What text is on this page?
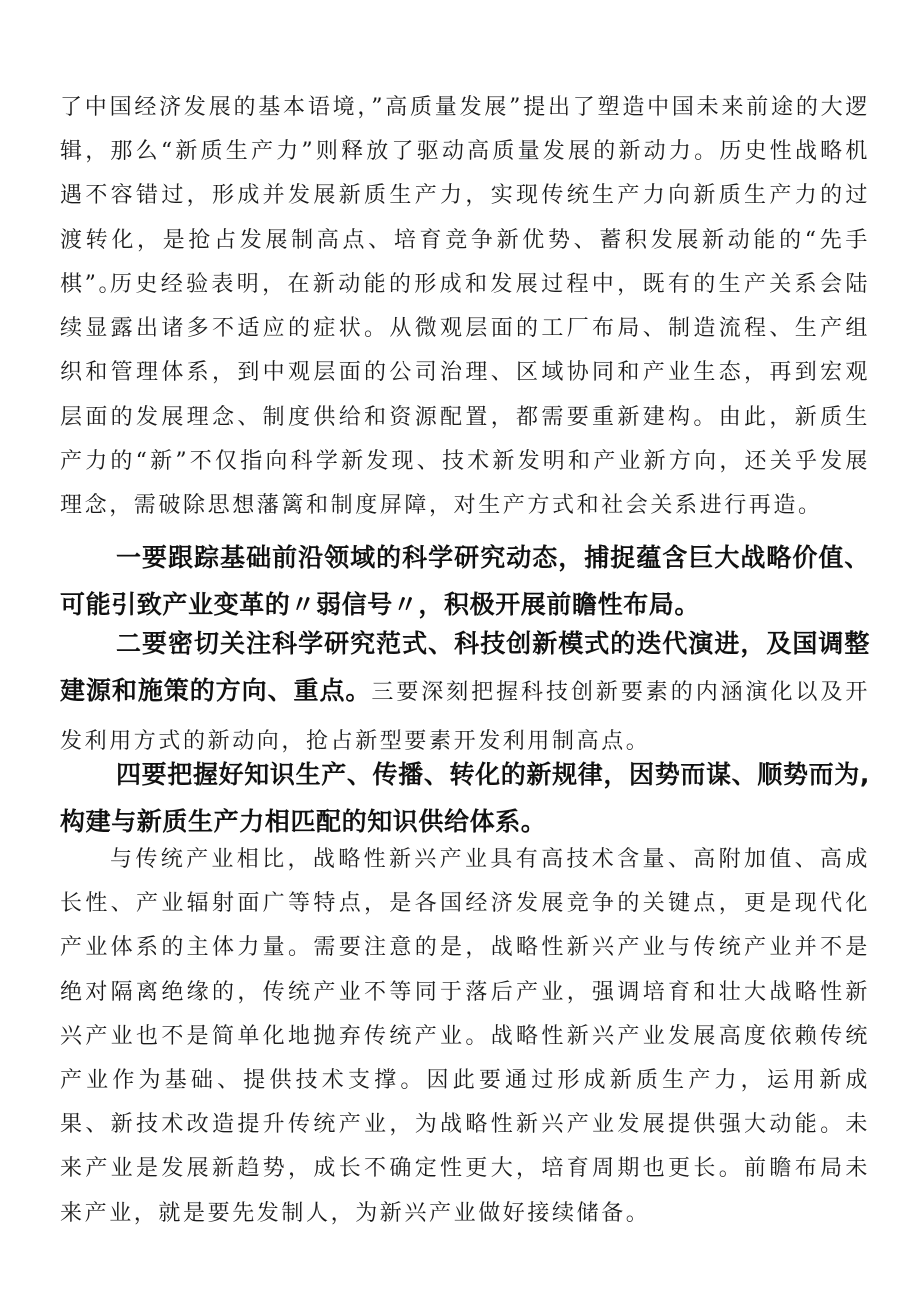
了中国经济发展的基本语境，”高质量发展”提出了塑造中国未来前途的大逻辑，那么“新质生产力”则释放了驱动高质量发展的新动力。历史性战略机遇不容错过，形成并发展新质生产力，实现传统生产力向新质生产力的过渡转化，是抢占发展制高点、培育竞争新优势、蓄积发展新动能的“先手棋”。

历史经验表明，在新动能的形成和发展过程中，既有的生产关系会陆续显露出诸多不适应的症状。从微观层面的工厂布局、制造流程、生产组织和管理体系，到中观层面的公司治理、区域协同和产业生态，再到宏观层面的发展理念、制度供给和资源配置，都需要重新建构。由此，新质生产力的“新”不仅指向科学新发现、技术新发明和产业新方向，还关乎发展理念，需破除思想藩篱和制度屏障，对生产方式和社会关系进行再造。

一要跟踪基础前沿领域的科学研究动态，捕捉蕴含巨大战略价值、可能引致产业变革的〃弱信号〃，积极开展前瞻性布局。

二要密切关注科学研究范式、科技创新模式的迭代演进，及国调整建源和施策的方向、重点。三要深刻把握科技创新要素的内涵演化以及开发利用方式的新动向，抢占新型要素开发利用制高点。

四要把握好知识生产、传播、转化的新规律，因势而谋、顺势而为,构建与新质生产力相匹配的知识供给体系。

与传统产业相比，战略性新兴产业具有高技术含量、高附加值、高成长性、产业辐射面广等特点，是各国经济发展竞争的关键点，更是现代化产业体系的主体力量。需要注意的是，战略性新兴产业与传统产业并不是绝对隔离绝缘的，传统产业不等同于落后产业，强调培育和壮大战略性新兴产业也不是简单化地抛弃传统产业。战略性新兴产业发展高度依赖传统产业作为基础、提供技术支撑。因此要通过形成新质生产力，运用新成果、新技术改造提升传统产业，为战略性新兴产业发展提供强大动能。未来产业是发展新趋势，成长不确定性更大，培育周期也更长。前瞻布局未来产业，就是要先发制人，为新兴产业做好接续储备。
